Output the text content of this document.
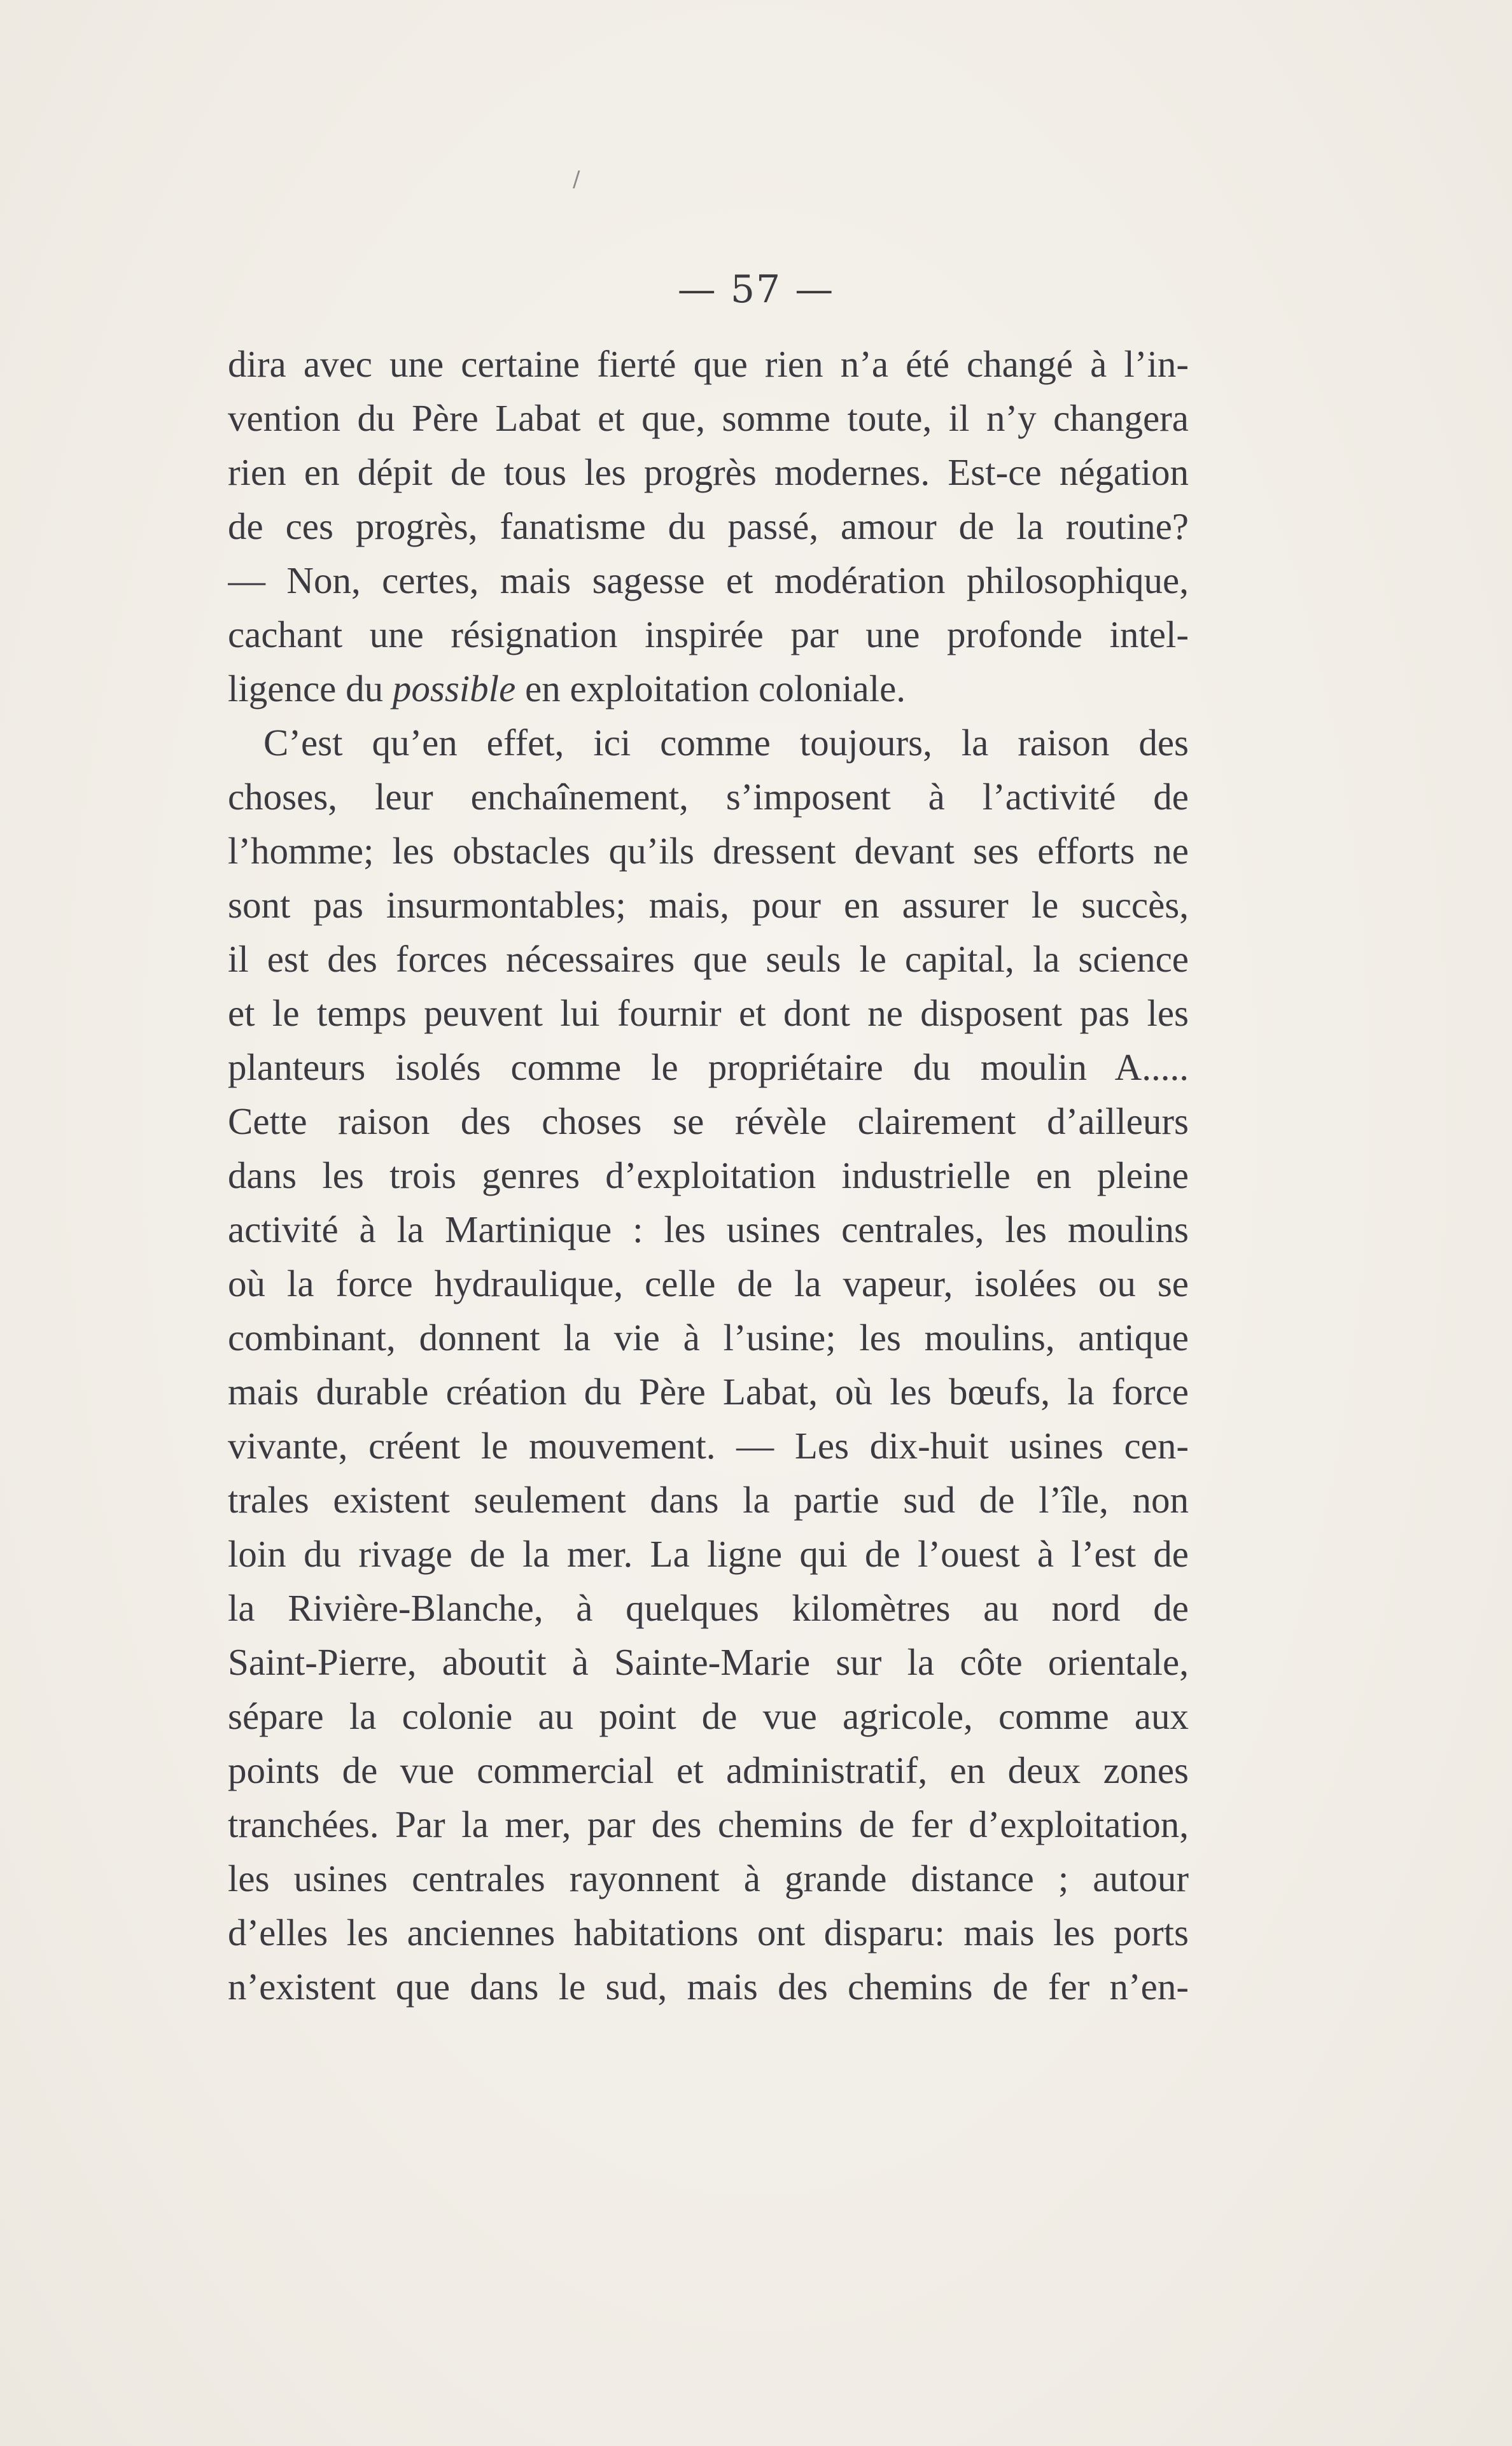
/
— 57 —
dira avec une certaine fierté que rien n’a été changé à l’in-
vention du Père Labat et que, somme toute, il n’y changera
rien en dépit de tous les progrès modernes. Est-ce négation
de ces progrès, fanatisme du passé, amour de la routine?
— Non, certes, mais sagesse et modération philosophique,
cachant une résignation inspirée par une profonde intel-
ligence du possible en exploitation coloniale.
C’est qu’en effet, ici comme toujours, la raison des
choses, leur enchaînement, s’imposent à l’activité de
l’homme; les obstacles qu’ils dressent devant ses efforts ne
sont pas insurmontables; mais, pour en assurer le succès,
il est des forces nécessaires que seuls le capital, la science
et le temps peuvent lui fournir et dont ne disposent pas les
planteurs isolés comme le propriétaire du moulin A.....
Cette raison des choses se révèle clairement d’ailleurs
dans les trois genres d’exploitation industrielle en pleine
activité à la Martinique : les usines centrales, les moulins
où la force hydraulique, celle de la vapeur, isolées ou se
combinant, donnent la vie à l’usine; les moulins, antique
mais durable création du Père Labat, où les bœufs, la force
vivante, créent le mouvement. — Les dix-huit usines cen-
trales existent seulement dans la partie sud de l’île, non
loin du rivage de la mer. La ligne qui de l’ouest à l’est de
la Rivière-Blanche, à quelques kilomètres au nord de
Saint-Pierre, aboutit à Sainte-Marie sur la côte orientale,
sépare la colonie au point de vue agricole, comme aux
points de vue commercial et administratif, en deux zones
tranchées. Par la mer, par des chemins de fer d’exploitation,
les usines centrales rayonnent à grande distance ; autour
d’elles les anciennes habitations ont disparu: mais les ports
n’existent que dans le sud, mais des chemins de fer n’en-
